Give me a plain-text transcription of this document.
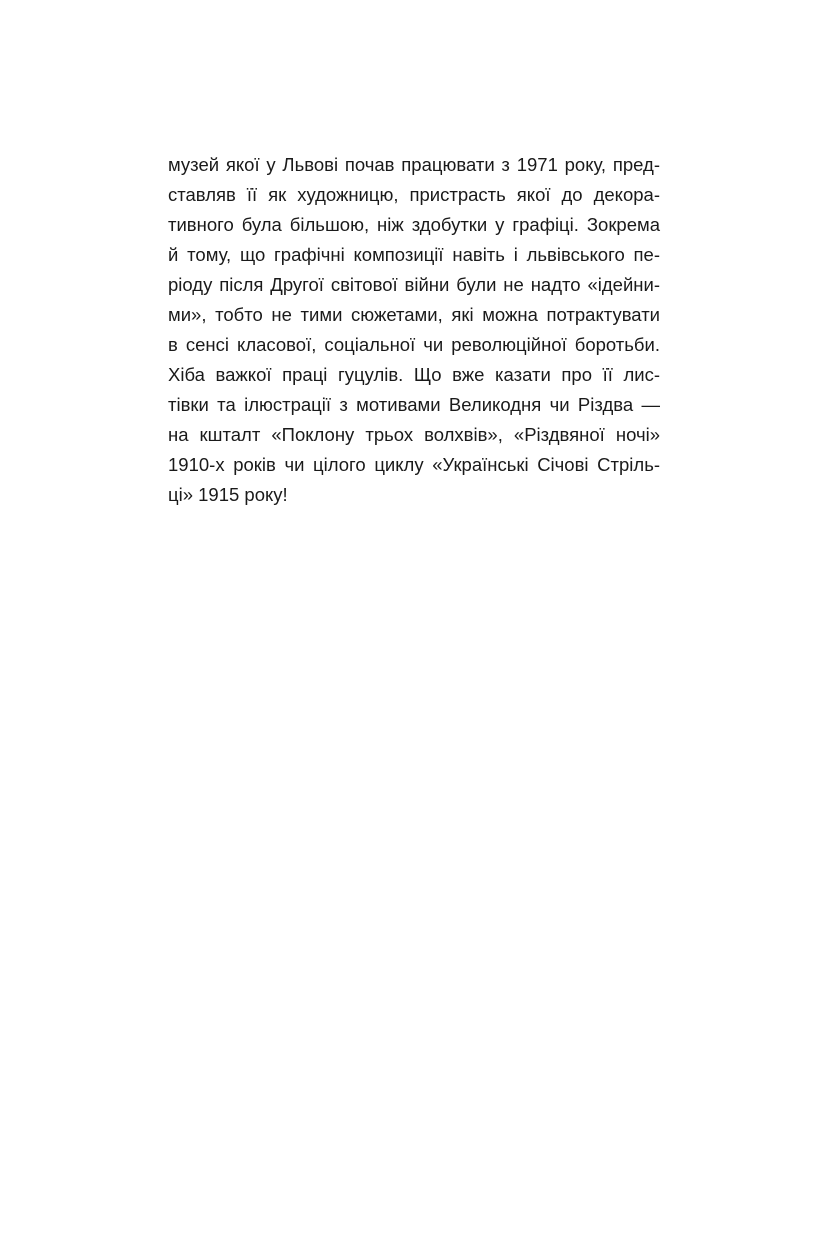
музей якої у Львові почав працювати з 1971 року, пред-
ставляв її як художницю, пристрасть якої до декора-
тивного була більшою, ніж здобутки у графіці. Зокрема
й тому, що графічні композиції навіть і львівського пе-
ріоду після Другої світової війни були не надто «ідейни-
ми», тобто не тими сюжетами, які можна потрактувати
в сенсі класової, соціальної чи революційної боротьби.
Хіба важкої праці гуцулів. Що вже казати про її лис-
тівки та ілюстрації з мотивами Великодня чи Різдва —
на кшталт «Поклону трьох волхвів», «Різдвяної ночі»
1910-х років чи цілого циклу «Українські Січові Стріль-
ці» 1915 року!
